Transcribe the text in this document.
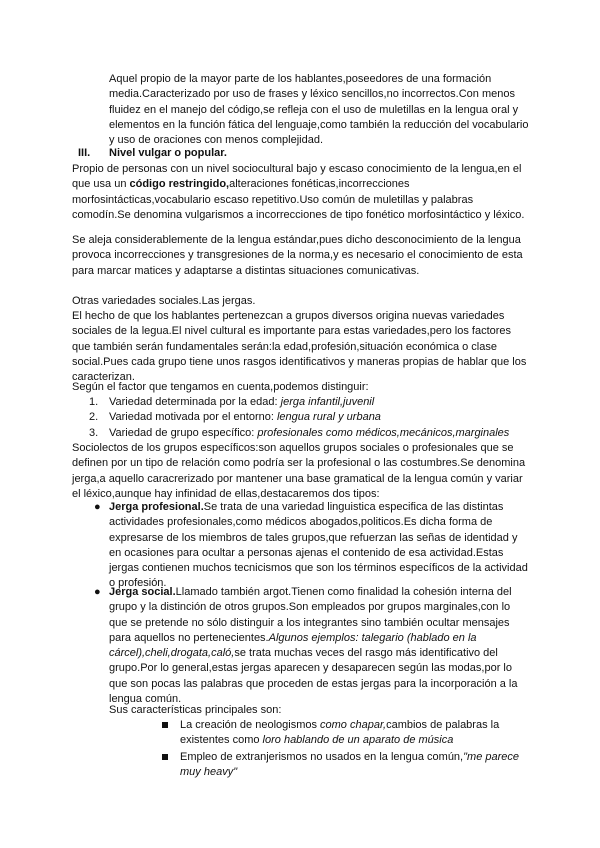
Aquel propio de la mayor parte de los hablantes,poseedores de una formación media.Caracterizado por uso de frases y léxico sencillos,no incorrectos.Con menos fluidez en el manejo del código,se refleja con el uso de muletillas en la lengua oral y elementos en la función fática del lenguaje,como también la reducción del vocabulario y uso de oraciones con menos complejidad.

III. Nivel vulgar o popular.

Propio de personas con un nivel sociocultural bajo y escaso conocimiento de la lengua,en el que usa un código restringido,alteraciones fonéticas,incorrecciones morfosintácticas,vocabulario escaso repetitivo.Uso común de muletillas y palabras comodín.Se denomina vulgarismos a incorrecciones de tipo fonético morfosintáctico y léxico.

Se aleja considerablemente de la lengua estándar,pues dicho desconocimiento de la lengua provoca incorrecciones y transgresiones de la norma,y es necesario el conocimiento de esta para marcar matices y adaptarse a distintas situaciones comunicativas.

Otras variedades sociales.Las jergas.

El hecho de que los hablantes pertenezcan a grupos diversos origina nuevas variedades sociales de la legua.El nivel cultural es importante para estas variedades,pero los factores que también serán fundamentales serán:la edad,profesión,situación económica o clase social.Pues cada grupo tiene unos rasgos identificativos y maneras propias de hablar que los caracterizan.

Según el factor que tengamos en cuenta,podemos distinguir:

1. Variedad determinada por la edad: jerga infantil,juvenil
2. Variedad motivada por el entorno: lengua rural y urbana
3. Variedad de grupo específico: profesionales como médicos,mecánicos,marginales

Sociolectos de los grupos específicos:son aquellos grupos sociales o profesionales que se definen por un tipo de relación como podría ser la profesional o las costumbres.Se denomina jerga,a aquello caracrerizado por mantener una base gramatical de la lengua común y variar el léxico,aunque hay infinidad de ellas,destacaremos dos tipos:

● Jerga profesional.Se trata de una variedad linguistica especifica de las distintas actividades profesionales,como médicos abogados,politicos.Es dicha forma de expresarse de los miembros de tales grupos,que refuerzan las señas de identidad y en ocasiones para ocultar a personas ajenas el contenido de esa actividad.Estas jergas contienen muchos tecnicismos que son los términos específicos de la actividad o profesión.

● Jerga social.Llamado también argot.Tienen como finalidad la cohesión interna del grupo y la distinción de otros grupos.Son empleados por grupos marginales,con lo que se pretende no sólo distinguir a los integrantes sino también ocultar mensajes para aquellos no pertenecientes.Algunos ejemplos: talegario (hablado en la cárcel),cheli,drogata,caló,se trata muchas veces del rasgo más identificativo del grupo.Por lo general,estas jergas aparecen y desaparecen según las modas,por lo que son pocas las palabras que proceden de estas jergas para la incorporación a la lengua común.

Sus características principales son:

La creación de neologismos como chapar,cambios de palabras la existentes como loro hablando de un aparato de música
Empleo de extranjerismos no usados en la lengua común,"me parece muy heavy"
